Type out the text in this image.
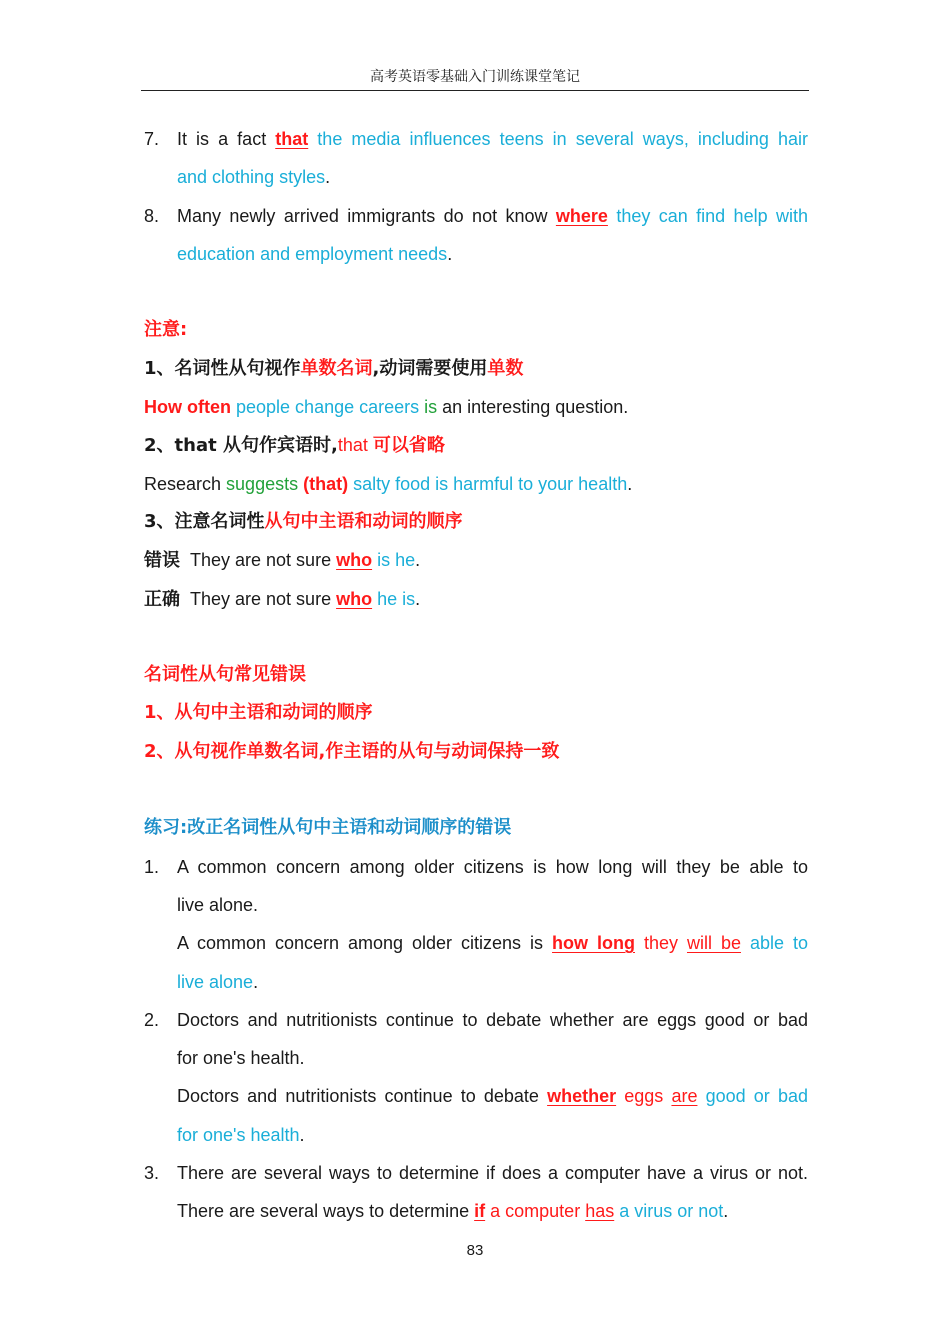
高考英语零基础入门训练课堂笔记
7. It is a fact that the media influences teens in several ways, including hair
and clothing styles.
8. Many newly arrived immigrants do not know where they can find help with
education and employment needs.
注意:
1、名词性从句视作单数名词,动词需要使用单数
How often people change careers is an interesting question.
2、that 从句作宾语时,that 可以省略
Research suggests (that) salty food is harmful to your health.
3、注意名词性从句中主语和动词的顺序
错误  They are not sure who is he.
正确  They are not sure who he is.
名词性从句常见错误
1、从句中主语和动词的顺序
2、从句视作单数名词,作主语的从句与动词保持一致
练习:改正名词性从句中主语和动词顺序的错误
1. A common concern among older citizens is how long will they be able to
live alone.
A common concern among older citizens is how long they will be able to
live alone.
2. Doctors and nutritionists continue to debate whether are eggs good or bad
for one's health.
Doctors and nutritionists continue to debate whether eggs are good or bad
for one's health.
3. There are several ways to determine if does a computer have a virus or not.
There are several ways to determine if a computer has a virus or not.
83
